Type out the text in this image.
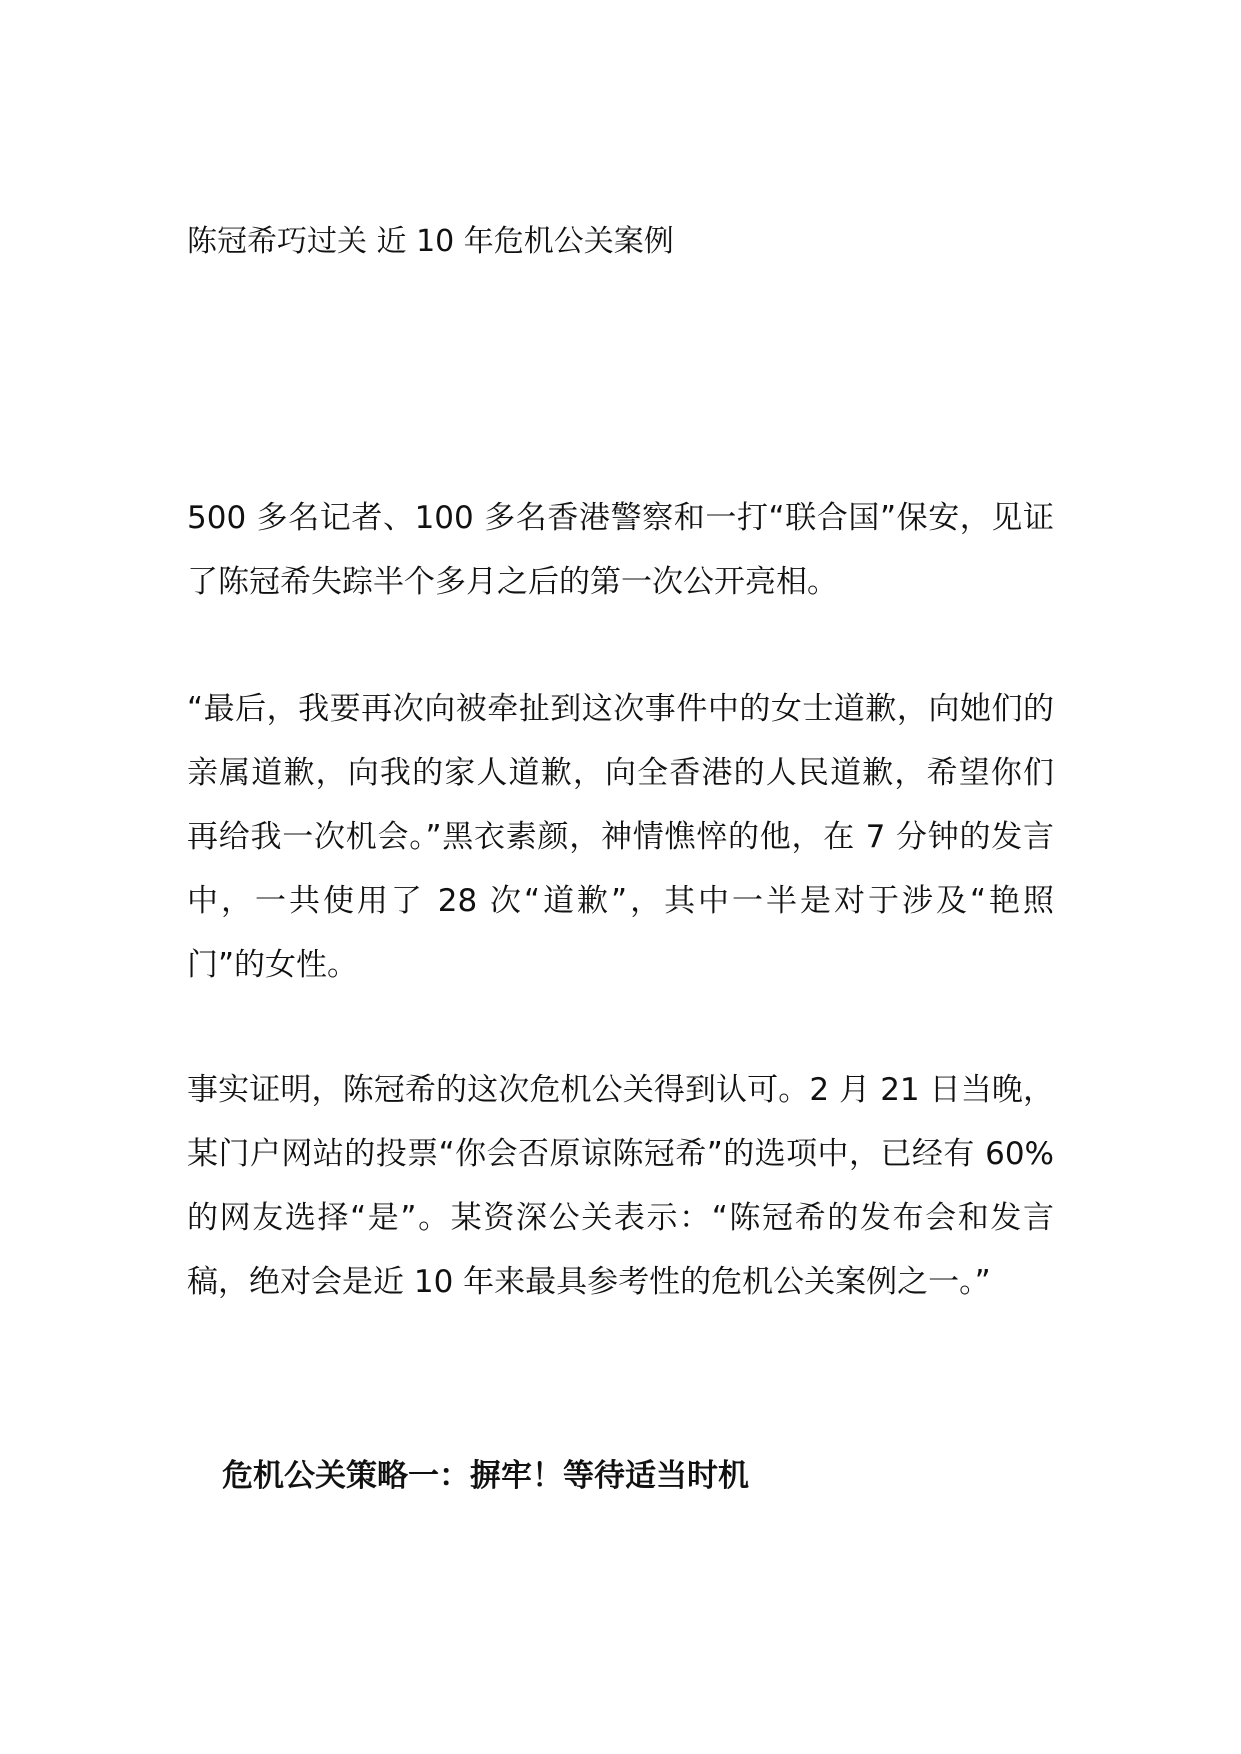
陈冠希巧过关 近 10 年危机公关案例

500 多名记者、100 多名香港警察和一打“联合国”保安，见证了陈冠希失踪半个多月之后的第一次公开亮相。

“最后，我要再次向被牵扯到这次事件中的女士道歉，向她们的亲属道歉，向我的家人道歉，向全香港的人民道歉，希望你们再给我一次机会。”黑衣素颜，神情憔悴的他，在 7 分钟的发言中，一共使用了 28 次“道歉”，其中一半是对于涉及“艳照门”的女性。

事实证明，陈冠希的这次危机公关得到认可。2 月 21 日当晚，某门户网站的投票“你会否原谅陈冠希”的选项中，已经有 60%的网友选择“是”。某资深公关表示：“陈冠希的发布会和发言稿，绝对会是近 10 年来最具参考性的危机公关案例之一。”

危机公关策略一：摒牢！等待适当时机
